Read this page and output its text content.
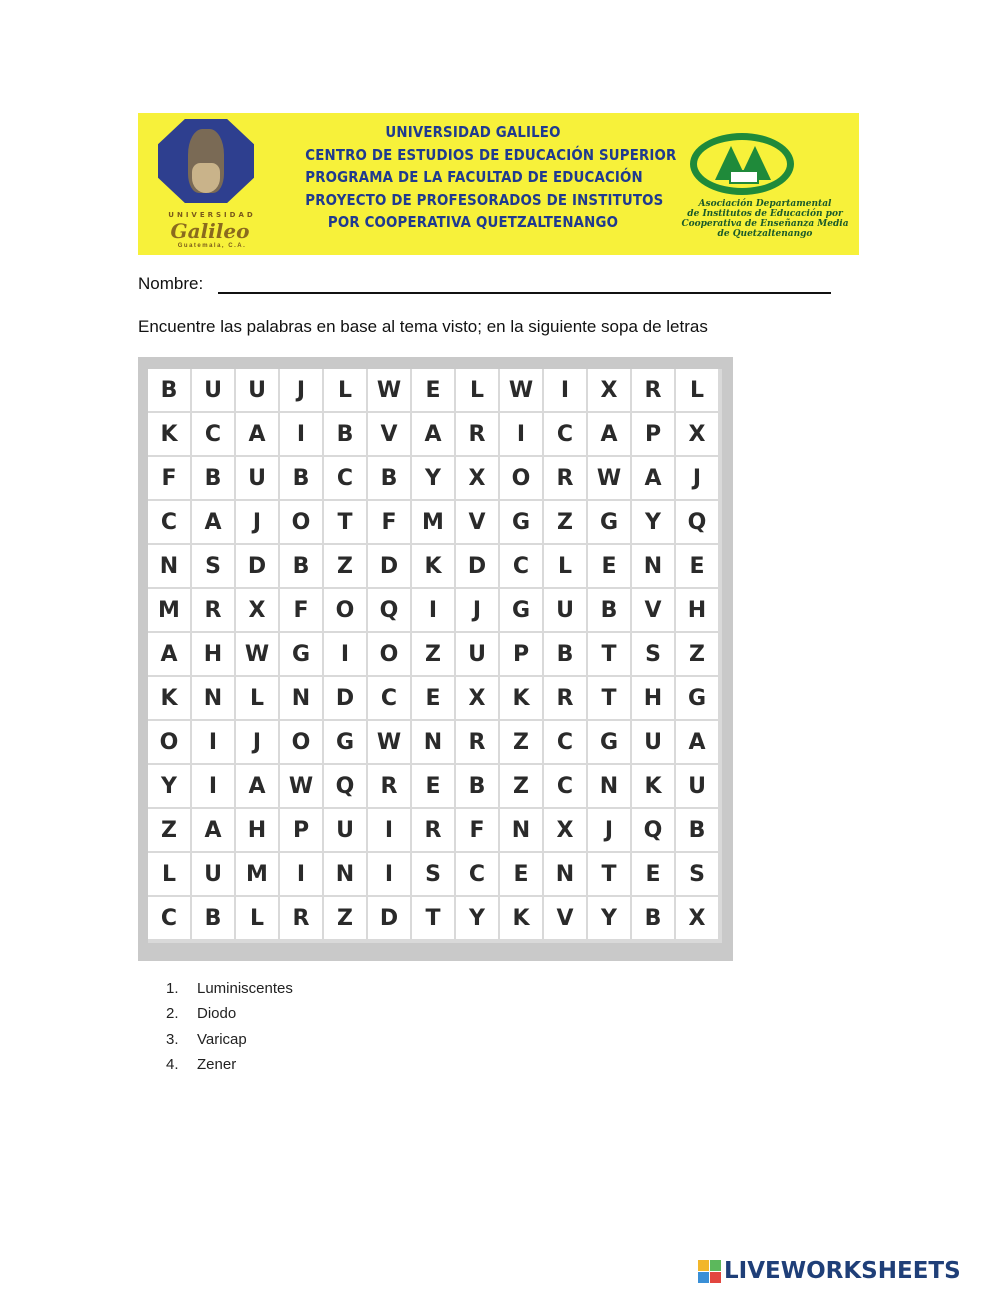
UNIVERSIDAD
Galileo
Guatemala, C.A.
UNIVERSIDAD GALILEO
CENTRO DE ESTUDIOS DE EDUCACIÓN SUPERIOR
PROGRAMA DE LA FACULTAD DE EDUCACIÓN
PROYECTO DE PROFESORADOS DE INSTITUTOS
POR COOPERATIVA QUETZALTENANGO
Asociación Departamental
de Institutos de Educación por
Cooperativa de Enseñanza Media
de Quetzaltenango
Nombre:
Encuentre las palabras en base al tema visto; en la siguiente sopa de letras
B	U	U	J	L	W	E	L	W	I	X	R	L
K	C	A	I	B	V	A	R	I	C	A	P	X
F	B	U	B	C	B	Y	X	O	R	W	A	J
C	A	J	O	T	F	M	V	G	Z	G	Y	Q
N	S	D	B	Z	D	K	D	C	L	E	N	E
M	R	X	F	O	Q	I	J	G	U	B	V	H
A	H	W	G	I	O	Z	U	P	B	T	S	Z
K	N	L	N	D	C	E	X	K	R	T	H	G
O	I	J	O	G	W	N	R	Z	C	G	U	A
Y	I	A	W	Q	R	E	B	Z	C	N	K	U
Z	A	H	P	U	I	R	F	N	X	J	Q	B
L	U	M	I	N	I	S	C	E	N	T	E	S
C	B	L	R	Z	D	T	Y	K	V	Y	B	X
1.	Luminiscentes
2.	Diodo
3.	Varicap
4.	Zener
LIVEWORKSHEETS
